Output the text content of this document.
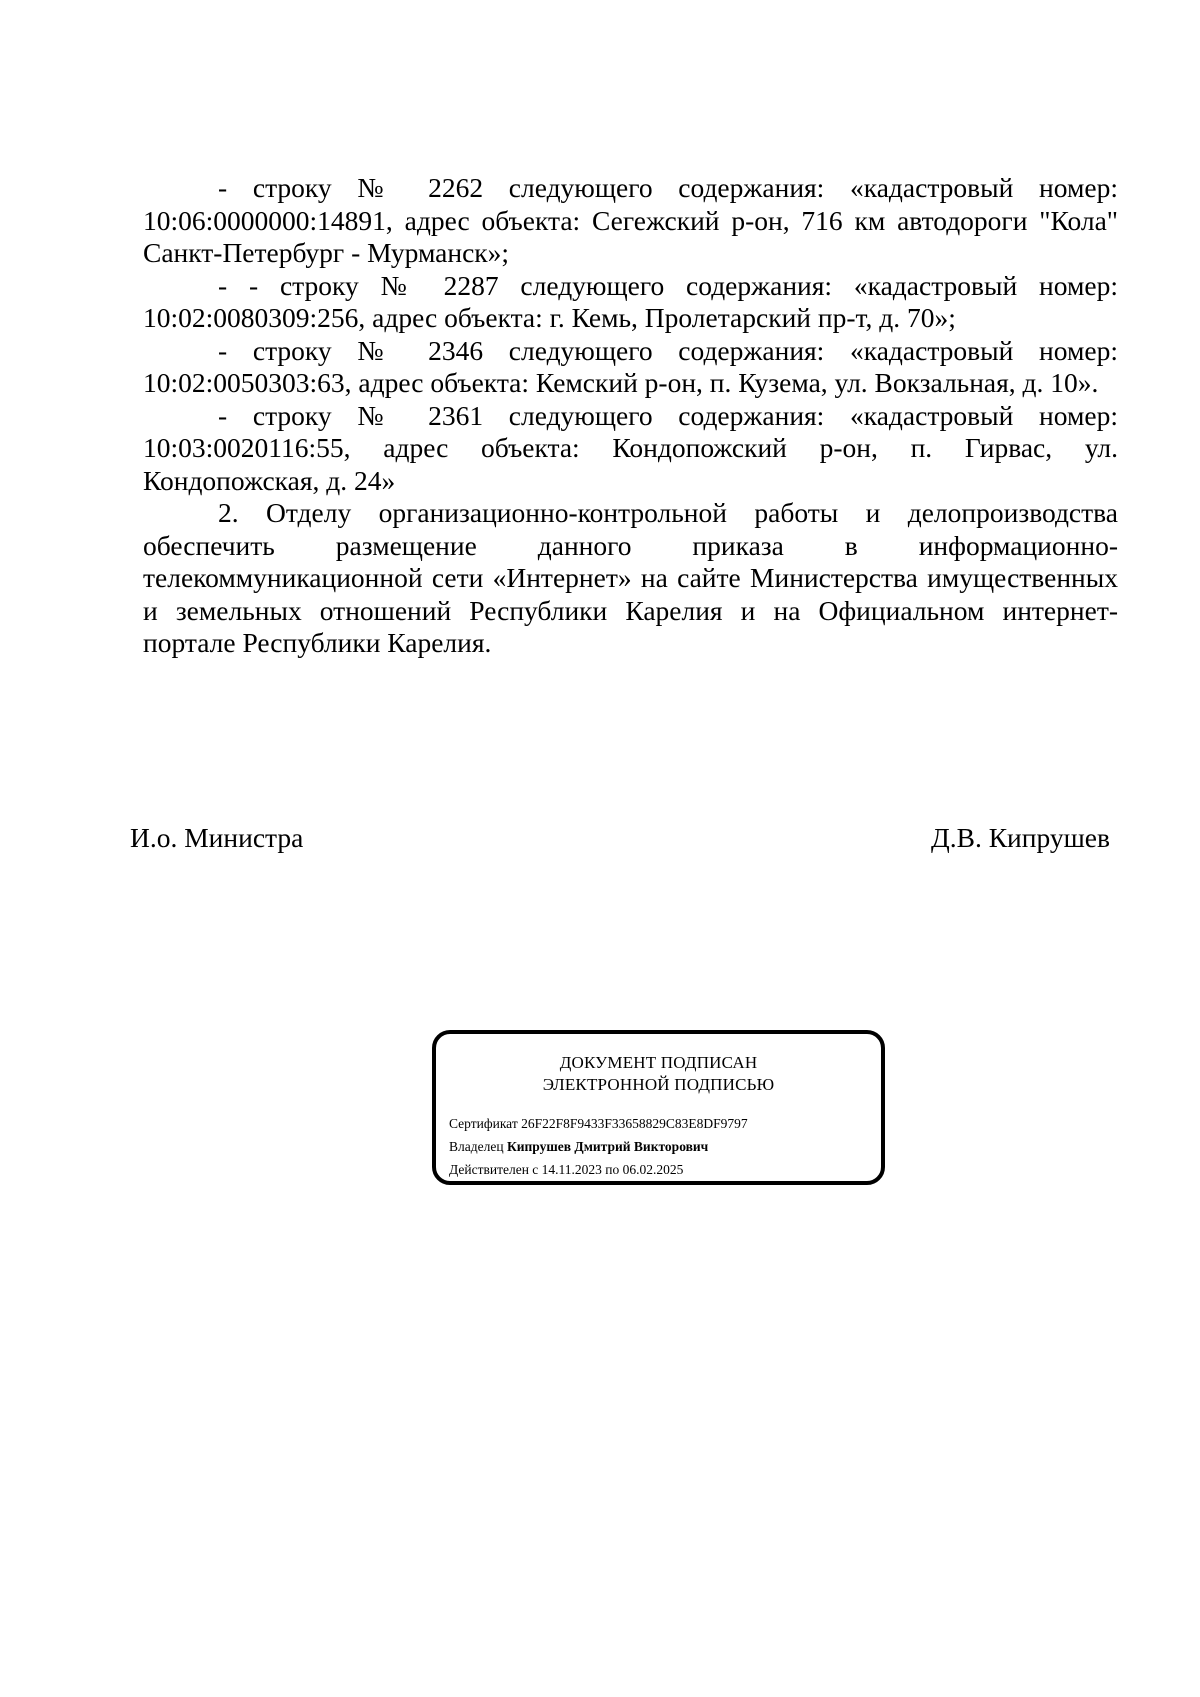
- строку № 2262 следующего содержания: «кадастровый номер: 10:06:0000000:14891, адрес объекта: Сегежский р-он, 716 км автодороги "Кола" Санкт-Петербург - Мурманск»;

- - строку № 2287 следующего содержания: «кадастровый номер: 10:02:0080309:256, адрес объекта: г. Кемь, Пролетарский пр-т, д. 70»;

- строку № 2346 следующего содержания: «кадастровый номер: 10:02:0050303:63, адрес объекта: Кемский р-он, п. Кузема, ул. Вокзальная, д. 10».

- строку № 2361 следующего содержания: «кадастровый номер: 10:03:0020116:55, адрес объекта: Кондопожский р-он, п. Гирвас, ул. Кондопожская, д. 24»

2. Отделу организационно-контрольной работы и делопроизводства обеспечить размещение данного приказа в информационно-телекоммуникационной сети «Интернет» на сайте Министерства имущественных и земельных отношений Республики Карелия и на Официальном интернет-портале Республики Карелия.

И.о. Министра	Д.В. Кипрушев
ДОКУМЕНТ ПОДПИСАН
ЭЛЕКТРОННОЙ ПОДПИСЬЮ
Сертификат 26F22F8F9433F33658829C83E8DF9797
Владелец Кипрушев Дмитрий Викторович
Действителен с 14.11.2023 по 06.02.2025
